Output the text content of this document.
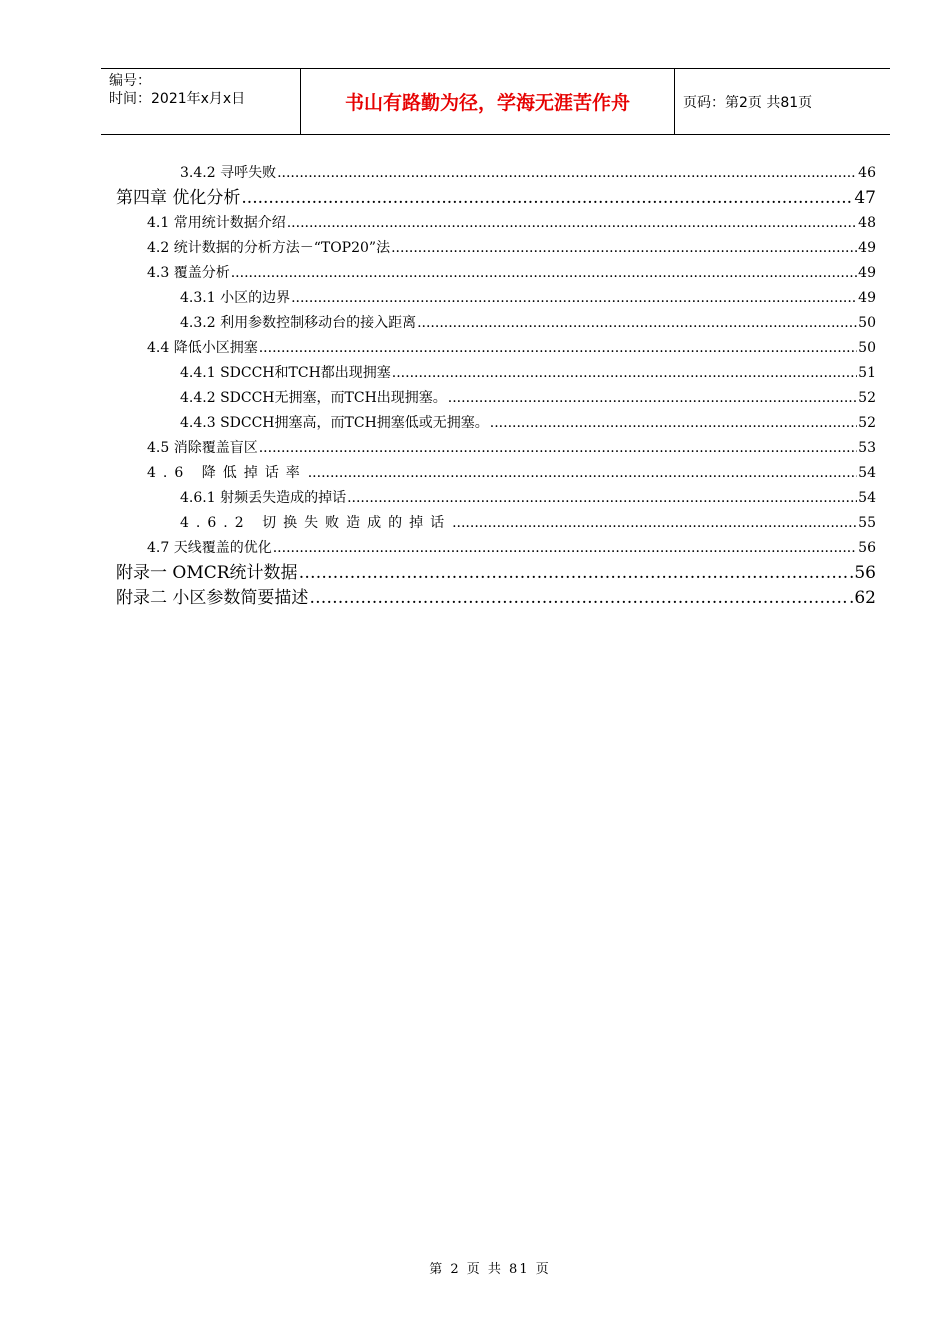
编号：
时间：2021年x月x日	书山有路勤为径，学海无涯苦作舟	页码：第2页 共81页
3.4.2 寻呼失败 .....	46
第四章 优化分析 .....	47
4.1 常用统计数据介绍 .....	48
4.2 统计数据的分析方法－“TOP20”法 .....	49
4.3 覆盖分析 .....	49
4.3.1 小区的边界 .....	49
4.3.2 利用参数控制移动台的接入距离 .....	50
4.4 降低小区拥塞 .....	50
4.4.1 SDCCH和TCH都出现拥塞 .....	51
4.4.2 SDCCH无拥塞，而TCH出现拥塞。 .....	52
4.4.3 SDCCH拥塞高，而TCH拥塞低或无拥塞。 .....	52
4.5 消除覆盖盲区 .....	53
4.6 降低掉话率 .....	54
4.6.1 射频丢失造成的掉话 .....	54
4.6.2 切换失败造成的掉话 .....	55
4.7 天线覆盖的优化 .....	56
附录一 OMCR统计数据 ……………………………………………………………………………………………………………………………………………………………………	.56
附录二 小区参数简要描述 ……………………………………………………………………………………………………………………………………………………………………	.62
第 2 页 共 81 页
